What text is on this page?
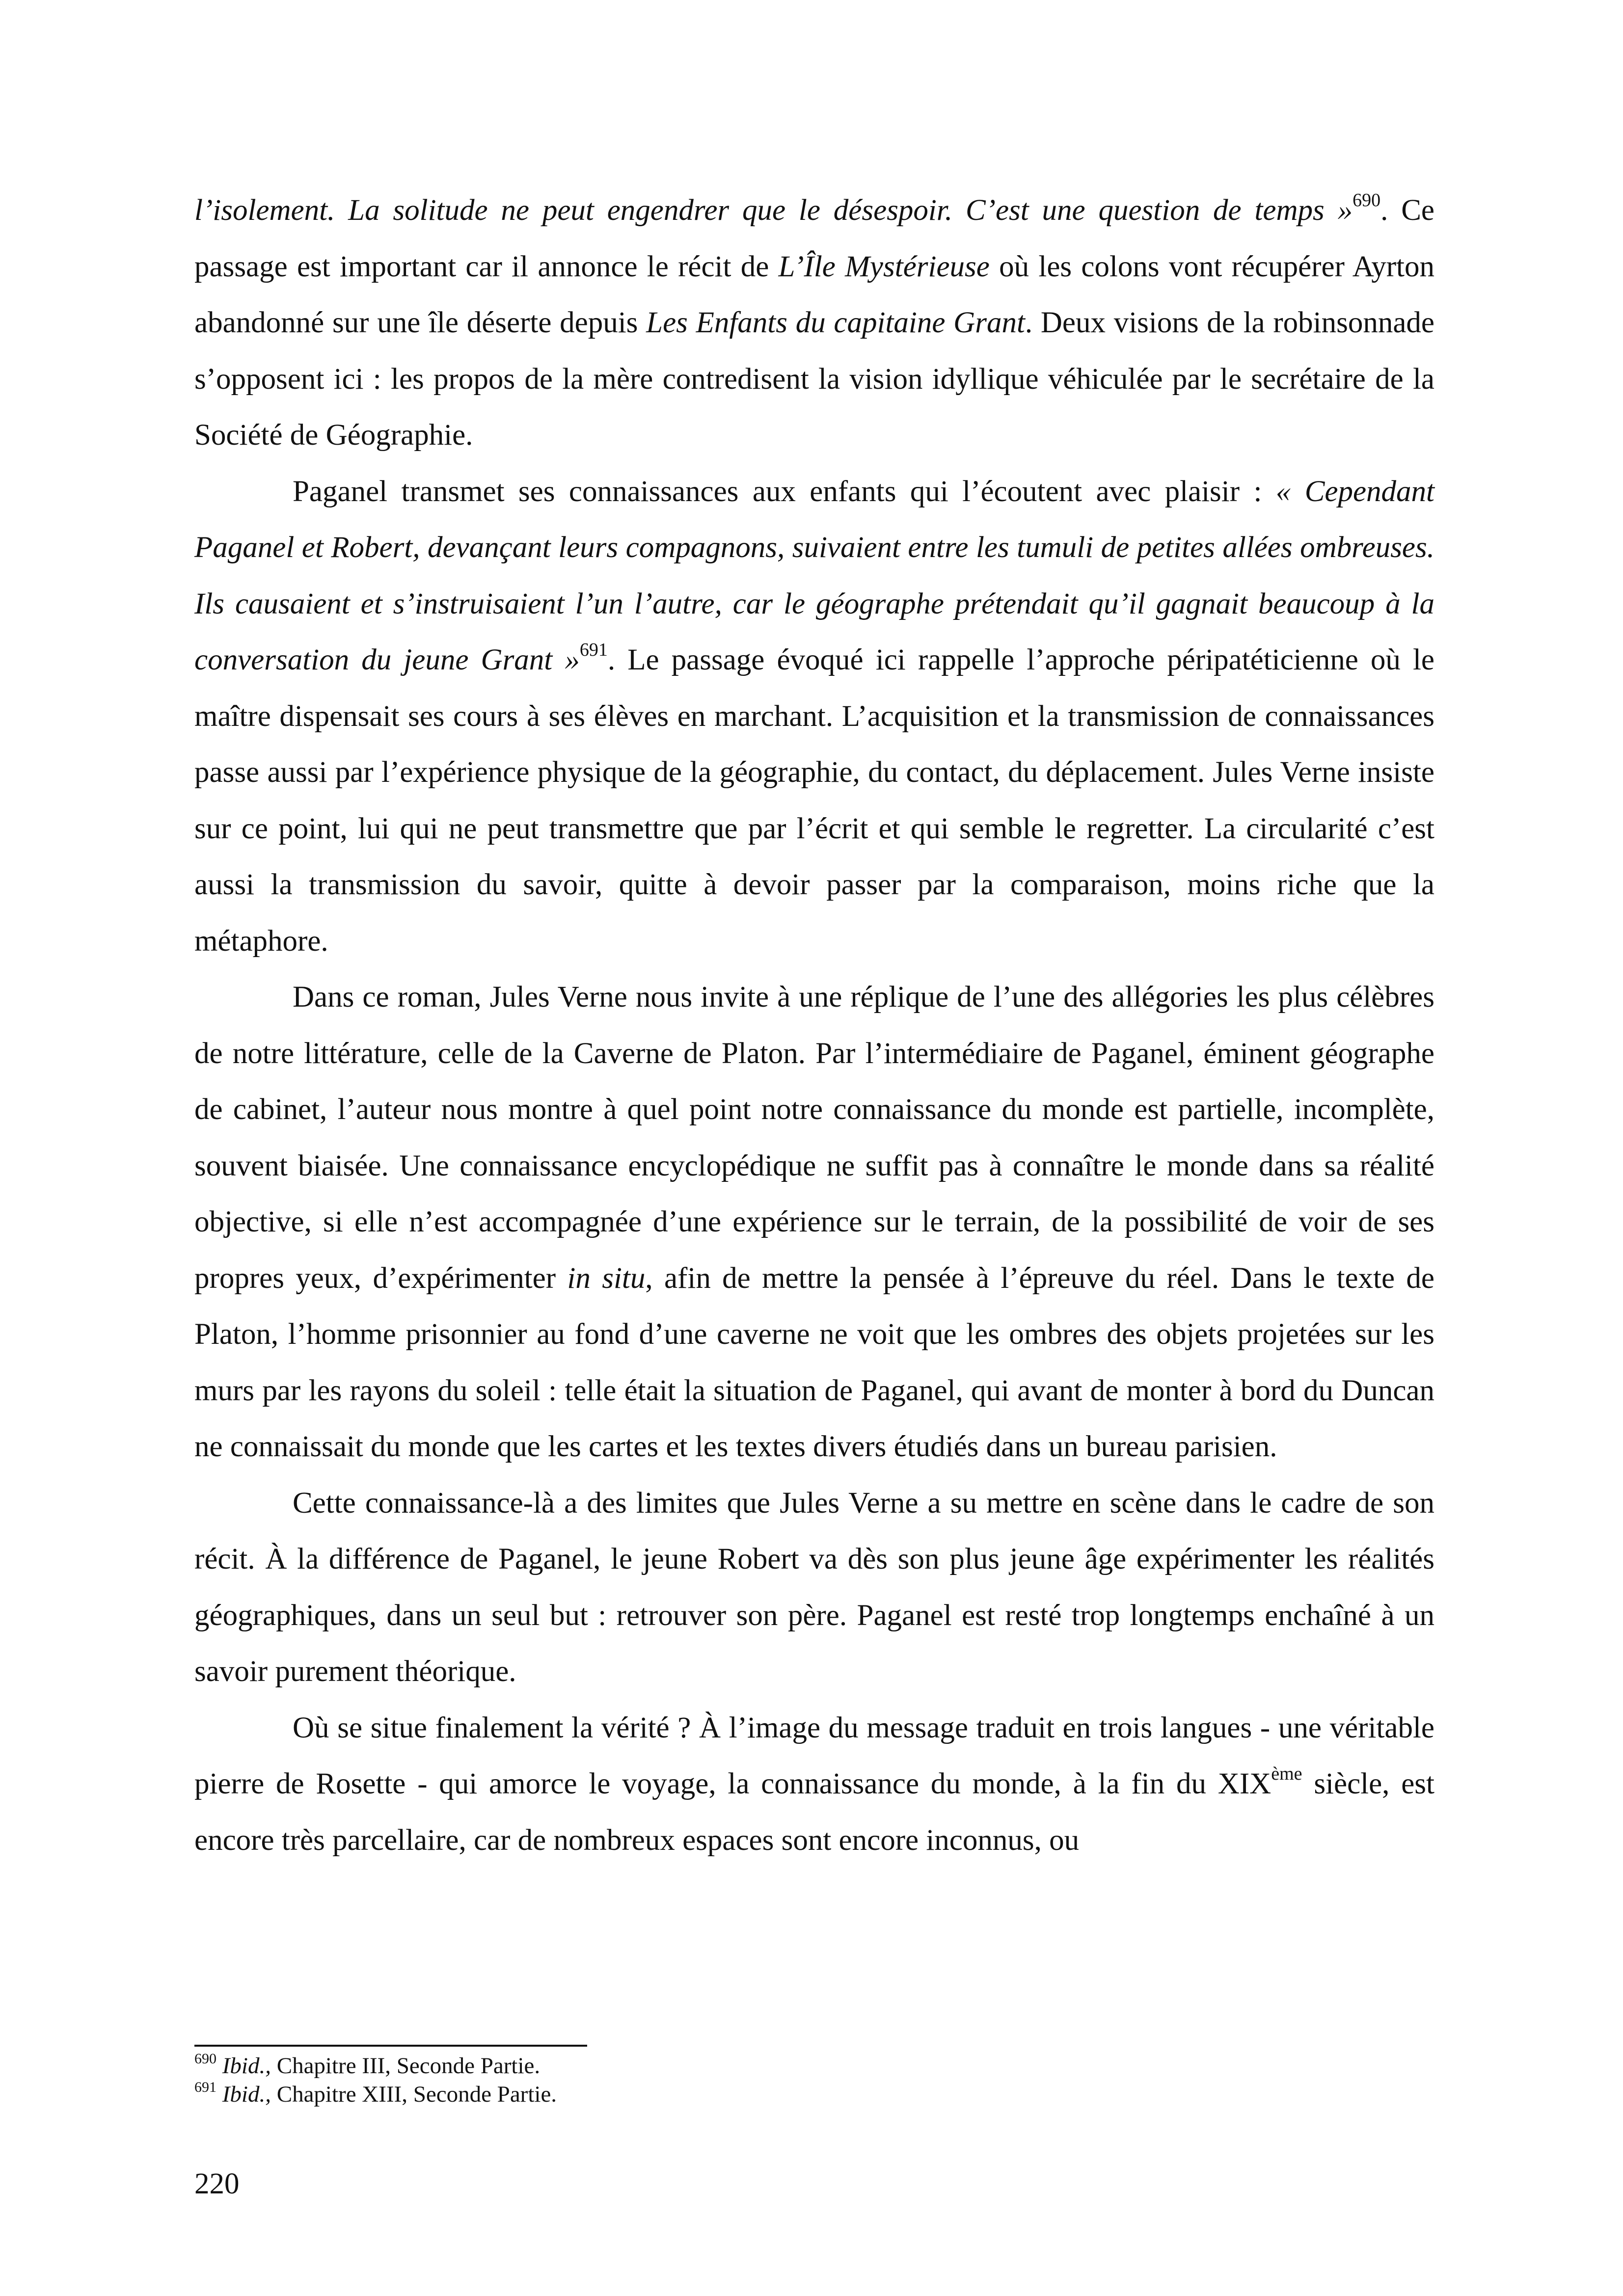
l’isolement. La solitude ne peut engendrer que le désespoir. C’est une question de temps »$^{690}$. Ce passage est important car il annonce le récit de L’Île Mystérieuse où les colons vont récupérer Ayrton abandonné sur une île déserte depuis Les Enfants du capitaine Grant. Deux visions de la robinsonnade s’opposent ici : les propos de la mère contredisent la vision idyllique véhiculée par le secrétaire de la Société de Géographie.

Paganel transmet ses connaissances aux enfants qui l’écoutent avec plaisir : « Cependant Paganel et Robert, devançant leurs compagnons, suivaient entre les tumuli de petites allées ombreuses. Ils causaient et s’instruisaient l’un l’autre, car le géographe prétendait qu’il gagnait beaucoup à la conversation du jeune Grant »$^{691}$. Le passage évoqué ici rappelle l’approche péripatéticienne où le maître dispensait ses cours à ses élèves en marchant. L’acquisition et la transmission de connaissances passe aussi par l’expérience physique de la géographie, du contact, du déplacement. Jules Verne insiste sur ce point, lui qui ne peut transmettre que par l’écrit et qui semble le regretter. La circularité c’est aussi la transmission du savoir, quitte à devoir passer par la comparaison, moins riche que la métaphore.

Dans ce roman, Jules Verne nous invite à une réplique de l’une des allégories les plus célèbres de notre littérature, celle de la Caverne de Platon. Par l’intermédiaire de Paganel, éminent géographe de cabinet, l’auteur nous montre à quel point notre connaissance du monde est partielle, incomplète, souvent biaisée. Une connaissance encyclopédique ne suffit pas à connaître le monde dans sa réalité objective, si elle n’est accompagnée d’une expérience sur le terrain, de la possibilité de voir de ses propres yeux, d’expérimenter in situ, afin de mettre la pensée à l’épreuve du réel. Dans le texte de Platon, l’homme prisonnier au fond d’une caverne ne voit que les ombres des objets projetées sur les murs par les rayons du soleil : telle était la situation de Paganel, qui avant de monter à bord du Duncan ne connaissait du monde que les cartes et les textes divers étudiés dans un bureau parisien.

Cette connaissance-là a des limites que Jules Verne a su mettre en scène dans le cadre de son récit. À la différence de Paganel, le jeune Robert va dès son plus jeune âge expérimenter les réalités géographiques, dans un seul but : retrouver son père. Paganel est resté trop longtemps enchaîné à un savoir purement théorique.

Où se situe finalement la vérité ? À l’image du message traduit en trois langues - une véritable pierre de Rosette - qui amorce le voyage, la connaissance du monde, à la fin du XIXème siècle, est encore très parcellaire, car de nombreux espaces sont encore inconnus, ou

$^{690}$ Ibid., Chapitre III, Seconde Partie.

$^{691}$ Ibid., Chapitre XIII, Seconde Partie.

220
